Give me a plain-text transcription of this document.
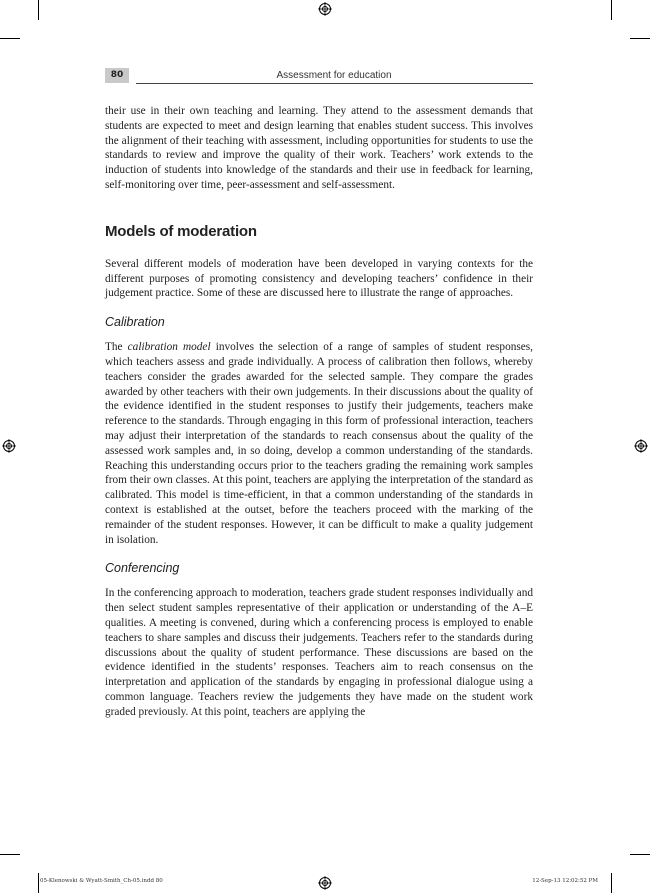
80	Assessment for education

their use in their own teaching and learning. They attend to the assessment demands that students are expected to meet and design learning that enables student success. This involves the alignment of their teaching with assessment, including opportunities for students to use the standards to review and improve the quality of their work. Teachers’ work extends to the induction of students into knowledge of the standards and their use in feedback for learning, self-monitoring over time, peer-assessment and self-assessment.

Models of moderation

Several different models of moderation have been developed in varying contexts for the different purposes of promoting consistency and developing teachers’ confidence in their judgement practice. Some of these are discussed here to illustrate the range of approaches.

Calibration

The calibration model involves the selection of a range of samples of student responses, which teachers assess and grade individually. A process of calibration then follows, whereby teachers consider the grades awarded for the selected sample. They compare the grades awarded by other teachers with their own judgements. In their discussions about the quality of the evidence identified in the student responses to justify their judgements, teachers make reference to the standards. Through engaging in this form of professional interaction, teachers may adjust their interpretation of the standards to reach consensus about the quality of the assessed work samples and, in so doing, develop a common understanding of the standards. Reaching this understanding occurs prior to the teachers grading the remaining work samples from their own classes. At this point, teachers are applying the interpretation of the standard as calibrated. This model is time-efficient, in that a common understanding of the standards in context is established at the outset, before the teachers proceed with the marking of the remainder of the student responses. However, it can be difficult to make a quality judgement in isolation.

Conferencing

In the conferencing approach to moderation, teachers grade student responses individually and then select student samples representative of their application or understanding of the A–E qualities. A meeting is convened, during which a conferencing process is employed to enable teachers to share samples and discuss their judgements. Teachers refer to the standards during discussions about the quality of student performance. These discussions are based on the evidence identified in the students’ responses. Teachers aim to reach consensus on the interpretation and application of the standards by engaging in professional dialogue using a common language. Teachers review the judgements they have made on the student work graded previously. At this point, teachers are applying the

05-Klenowski & Wyatt-Smith_Ch-05.indd 80	12-Sep-13 12:02:52 PM
